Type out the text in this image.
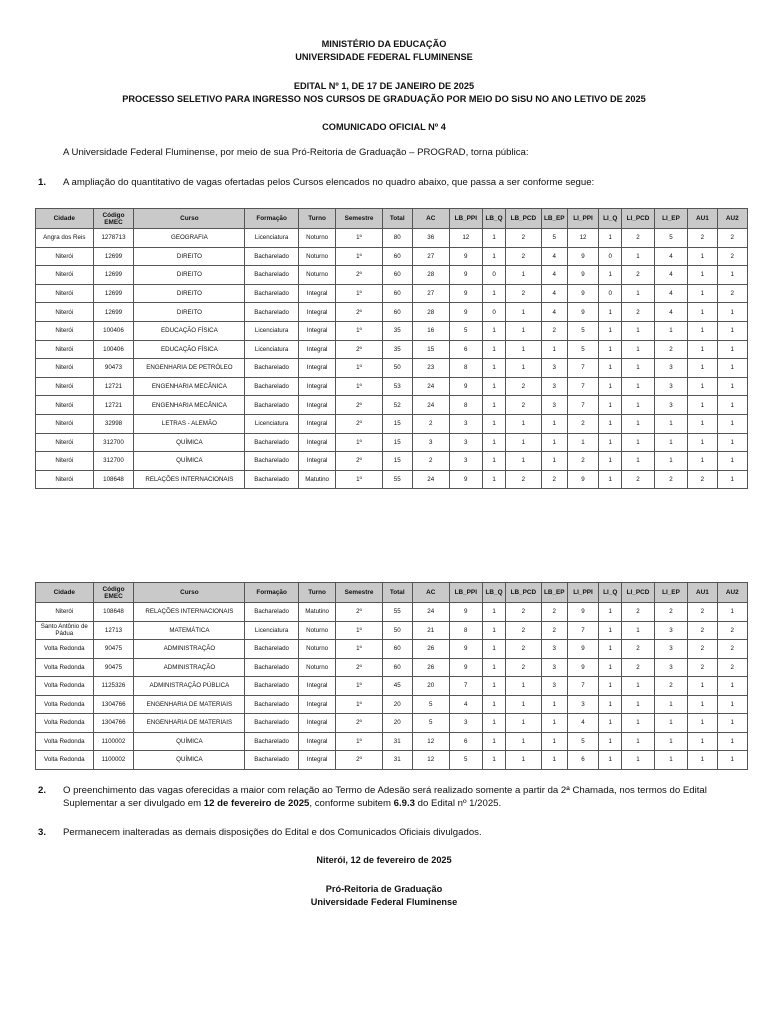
MINISTÉRIO DA EDUCAÇÃO
UNIVERSIDADE FEDERAL FLUMINENSE
EDITAL Nº 1, DE 17 DE JANEIRO DE 2025
PROCESSO SELETIVO PARA INGRESSO NOS CURSOS DE GRADUAÇÃO POR MEIO DO SiSU NO ANO LETIVO DE 2025
COMUNICADO OFICIAL Nº 4
A Universidade Federal Fluminense, por meio de sua Pró-Reitoria de Graduação – PROGRAD, torna pública:
1. A ampliação do quantitativo de vagas ofertadas pelos Cursos elencados no quadro abaixo, que passa a ser conforme segue:
Cidade	Código EMEC	Curso	Formação	Turno	Semestre	Total	AC	LB_PPI	LB_Q	LB_PCD	LB_EP	LI_PPI	LI_Q	LI_PCD	LI_EP	AU1	AU2
Angra dos Reis	1278713	GEOGRAFIA	Licenciatura	Noturno	1º	80	36	12	1	2	5	12	1	2	5	2	2
Niterói	12699	DIREITO	Bacharelado	Noturno	1º	60	27	9	1	2	4	9	0	1	4	1	2
Niterói	12699	DIREITO	Bacharelado	Noturno	2º	60	28	9	0	1	4	9	1	2	4	1	1
Niterói	12699	DIREITO	Bacharelado	Integral	1º	60	27	9	1	2	4	9	0	1	4	1	2
Niterói	12699	DIREITO	Bacharelado	Integral	2º	60	28	9	0	1	4	9	1	2	4	1	1
Niterói	100406	EDUCAÇÃO FÍSICA	Licenciatura	Integral	1º	35	16	5	1	1	2	5	1	1	1	1	1
Niterói	100406	EDUCAÇÃO FÍSICA	Licenciatura	Integral	2º	35	15	6	1	1	1	5	1	1	2	1	1
Niterói	90473	ENGENHARIA DE PETRÓLEO	Bacharelado	Integral	1º	50	23	8	1	1	3	7	1	1	3	1	1
Niterói	12721	ENGENHARIA MECÂNICA	Bacharelado	Integral	1º	53	24	9	1	2	3	7	1	1	3	1	1
Niterói	12721	ENGENHARIA MECÂNICA	Bacharelado	Integral	2º	52	24	8	1	2	3	7	1	1	3	1	1
Niterói	32998	LETRAS - ALEMÃO	Licenciatura	Integral	2º	15	2	3	1	1	1	2	1	1	1	1	1
Niterói	312700	QUÍMICA	Bacharelado	Integral	1º	15	3	3	1	1	1	1	1	1	1	1	1
Niterói	312700	QUÍMICA	Bacharelado	Integral	2º	15	2	3	1	1	1	2	1	1	1	1	1
Niterói	108648	RELAÇÕES INTERNACIONAIS	Bacharelado	Matutino	1º	55	24	9	1	2	2	9	1	2	2	2	1
Cidade	Código EMEC	Curso	Formação	Turno	Semestre	Total	AC	LB_PPI	LB_Q	LB_PCD	LB_EP	LI_PPI	LI_Q	LI_PCD	LI_EP	AU1	AU2
Niterói	108648	RELAÇÕES INTERNACIONAIS	Bacharelado	Matutino	2º	55	24	9	1	2	2	9	1	2	2	2	1
Santo Antônio de Pádua	12713	MATEMÁTICA	Licenciatura	Noturno	1º	50	21	8	1	2	2	7	1	1	3	2	2
Volta Redonda	90475	ADMINISTRAÇÃO	Bacharelado	Noturno	1º	60	26	9	1	2	3	9	1	2	3	2	2
Volta Redonda	90475	ADMINISTRAÇÃO	Bacharelado	Noturno	2º	60	26	9	1	2	3	9	1	2	3	2	2
Volta Redonda	1125326	ADMINISTRAÇÃO PÚBLICA	Bacharelado	Integral	1º	45	20	7	1	1	3	7	1	1	2	1	1
Volta Redonda	1304766	ENGENHARIA DE MATERIAIS	Bacharelado	Integral	1º	20	5	4	1	1	1	3	1	1	1	1	1
Volta Redonda	1304766	ENGENHARIA DE MATERIAIS	Bacharelado	Integral	2º	20	5	3	1	1	1	4	1	1	1	1	1
Volta Redonda	1100002	QUÍMICA	Bacharelado	Integral	1º	31	12	6	1	1	1	5	1	1	1	1	1
Volta Redonda	1100002	QUÍMICA	Bacharelado	Integral	2º	31	12	5	1	1	1	6	1	1	1	1	1
2. O preenchimento das vagas oferecidas a maior com relação ao Termo de Adesão será realizado somente a partir da 2ª Chamada, nos termos do Edital Suplementar a ser divulgado em 12 de fevereiro de 2025, conforme subitem 6.9.3 do Edital nº 1/2025.
3. Permanecem inalteradas as demais disposições do Edital e dos Comunicados Oficiais divulgados.
Niterói, 12 de fevereiro de 2025
Pró-Reitoria de Graduação
Universidade Federal Fluminense
